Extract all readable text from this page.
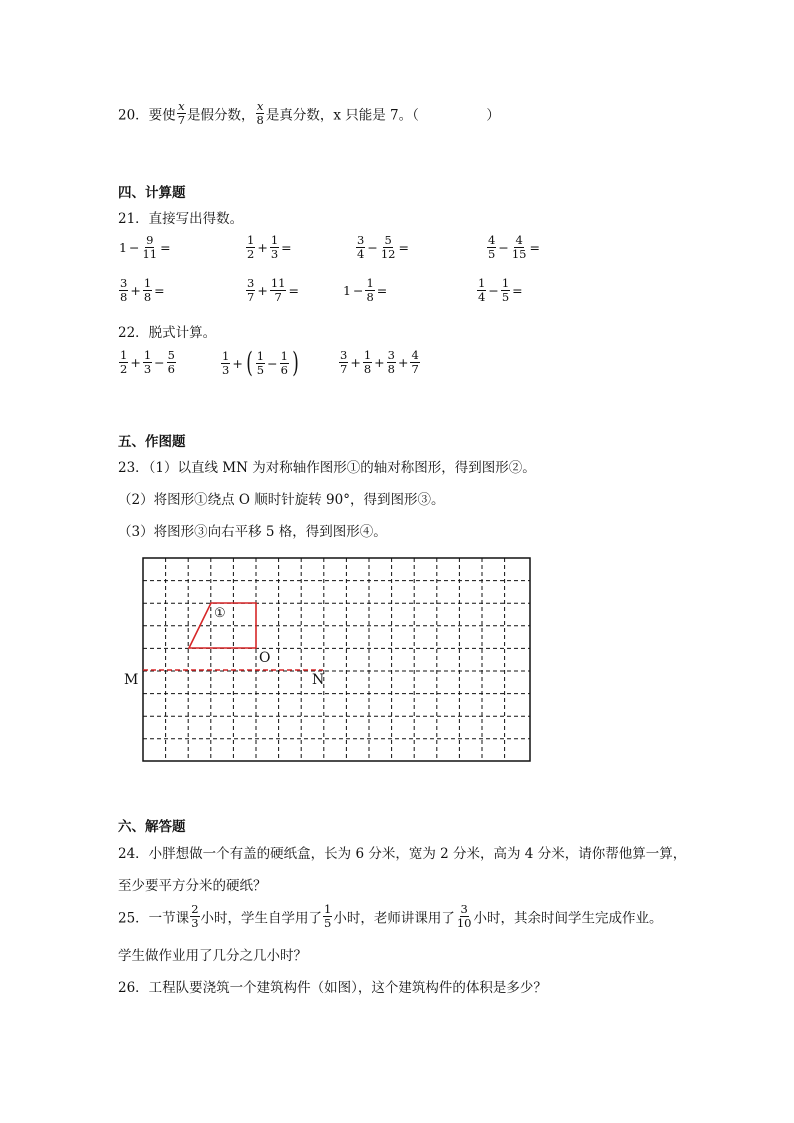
20．要使 $\frac{x}{7}$ 是假分数， $\frac{x}{8}$ 是真分数，x 只能是 7。（　　　　　）
四、计算题
21．直接写出得数。
$1 - \frac{9}{11}$ =	$\frac{1}{2} + \frac{1}{3}$ =	$\frac{3}{4} - \frac{5}{12}$ =	$\frac{4}{5} - \frac{4}{15}$ =
$\frac{3}{8} + \frac{1}{8}$ =	$\frac{3}{7} + \frac{11}{7}$ =	$1 - \frac{1}{8}$ =	$\frac{1}{4} - \frac{1}{5}$ =
22．脱式计算。
$\frac{1}{2} + \frac{1}{3} - \frac{5}{6}$	$\frac{1}{3}$ + ( $\frac{1}{5} - \frac{1}{6}$ )	$\frac{3}{7} + \frac{1}{8} + \frac{3}{8} + \frac{4}{7}$
五、作图题
23．（1）以直线 MN 为对称轴作图形①的轴对称图形，得到图形②。
（2）将图形①绕点 O 顺时针旋转 90°，得到图形③。
（3）将图形③向右平移 5 格，得到图形④。
①
O
M	N
六、解答题
24．小胖想做一个有盖的硬纸盒，长为 6 分米，宽为 2 分米，高为 4 分米，请你帮他算一算，
至少要平方分米的硬纸？
25．一节课 $\frac{2}{3}$ 小时，学生自学用了 $\frac{1}{5}$ 小时，老师讲课用了 $\frac{3}{10}$ 小时，其余时间学生完成作业。
学生做作业用了几分之几小时？
26．工程队要浇筑一个建筑构件（如图），这个建筑构件的体积是多少？
